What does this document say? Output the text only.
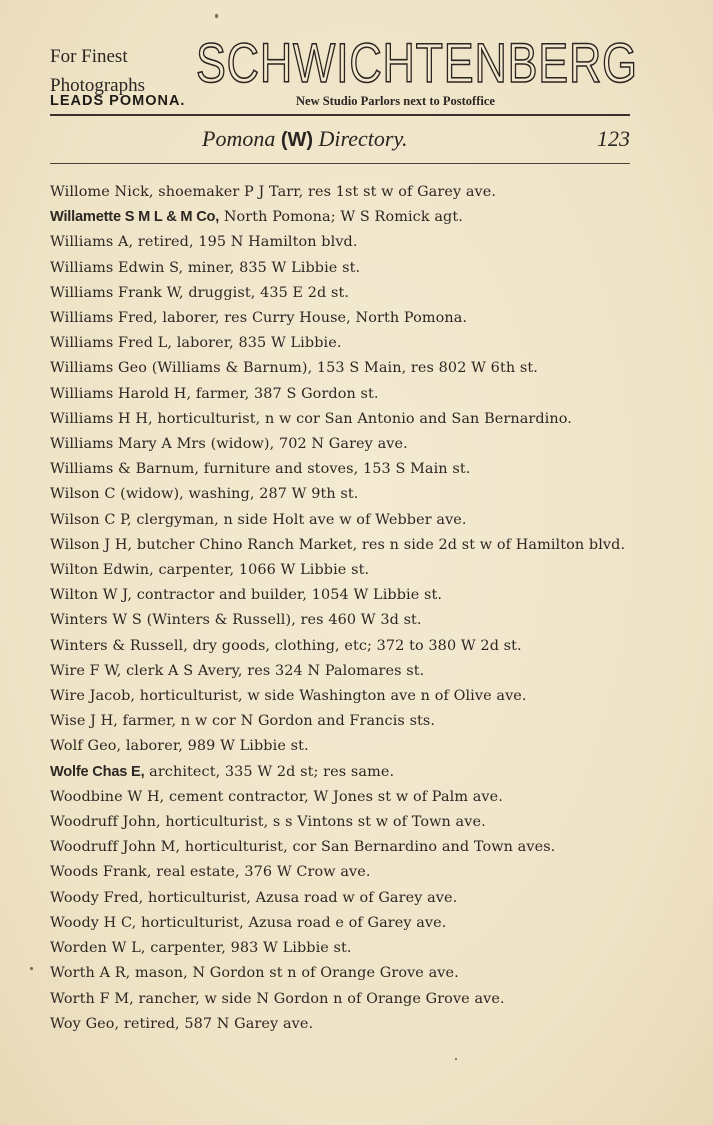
For Finest
Photographs
LEADS POMONA.
SCHWICHTENBERG
New Studio Parlors next to Postoffice
Pomona (W) Directory.	123
Willome Nick, shoemaker P J Tarr, res 1st st w of Garey ave.
Willamette S M L & M Co, North Pomona; W S Romick agt.
Williams A, retired, 195 N Hamilton blvd.
Williams Edwin S, miner, 835 W Libbie st.
Williams Frank W, druggist, 435 E 2d st.
Williams Fred, laborer, res Curry House, North Pomona.
Williams Fred L, laborer, 835 W Libbie.
Williams Geo (Williams & Barnum), 153 S Main, res 802 W 6th st.
Williams Harold H, farmer, 387 S Gordon st.
Williams H H, horticulturist, n w cor San Antonio and San Bernardino.
Williams Mary A Mrs (widow), 702 N Garey ave.
Williams & Barnum, furniture and stoves, 153 S Main st.
Wilson C (widow), washing, 287 W 9th st.
Wilson C P, clergyman, n side Holt ave w of Webber ave.
Wilson J H, butcher Chino Ranch Market, res n side 2d st w of Hamilton blvd.
Wilton Edwin, carpenter, 1066 W Libbie st.
Wilton W J, contractor and builder, 1054 W Libbie st.
Winters W S (Winters & Russell), res 460 W 3d st.
Winters & Russell, dry goods, clothing, etc; 372 to 380 W 2d st.
Wire F W, clerk A S Avery, res 324 N Palomares st.
Wire Jacob, horticulturist, w side Washington ave n of Olive ave.
Wise J H, farmer, n w cor N Gordon and Francis sts.
Wolf Geo, laborer, 989 W Libbie st.
Wolfe Chas E, architect, 335 W 2d st; res same.
Woodbine W H, cement contractor, W Jones st w of Palm ave.
Woodruff John, horticulturist, s s Vintons st w of Town ave.
Woodruff John M, horticulturist, cor San Bernardino and Town aves.
Woods Frank, real estate, 376 W Crow ave.
Woody Fred, horticulturist, Azusa road w of Garey ave.
Woody H C, horticulturist, Azusa road e of Garey ave.
Worden W L, carpenter, 983 W Libbie st.
Worth A R, mason, N Gordon st n of Orange Grove ave.
Worth F M, rancher, w side N Gordon n of Orange Grove ave.
Woy Geo, retired, 587 N Garey ave.
